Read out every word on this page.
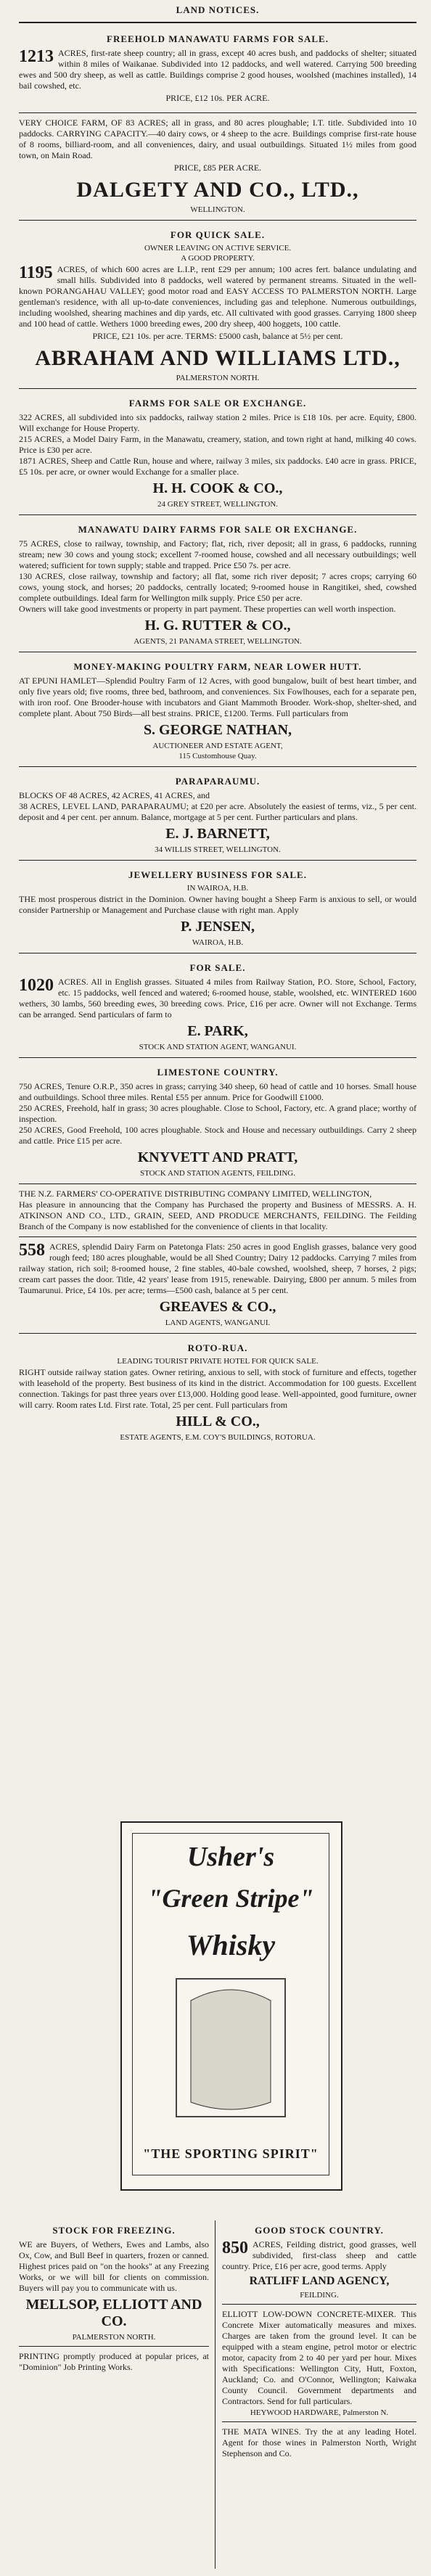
LAND NOTICES.
FREEHOLD MANAWATU FARMS FOR SALE.
1213 ACRES, first-rate sheep country; all in grass, except 40 acres bush, and paddocks of shelter; situated within 8 miles of Waikanae. Subdivided into 12 paddocks, and well watered. Carrying 500 breeding ewes and 500 dry sheep, as well as cattle. Buildings comprise 2 good houses, woolshed (machines installed), 14 bail cowshed, etc.
PRICE, £12 10s. PER ACRE.
VERY CHOICE FARM, OF 83 ACRES; all in grass, and 80 acres ploughable; I.T. title. Subdivided into 10 paddocks. CARRYING CAPACITY.—40 dairy cows, or 4 sheep to the acre. Buildings comprise first-rate house of 8 rooms, billiard-room, and all conveniences, dairy, and usual outbuildings. Situated 1½ miles from good town, on Main Road.
PRICE, £85 PER ACRE.
DALGETY AND CO., LTD.,
WELLINGTON.
FOR QUICK SALE.
OWNER LEAVING ON ACTIVE SERVICE.
A GOOD PROPERTY.
1195 ACRES, of which 600 acres are L.I.P., rent £29 per annum; 100 acres fert. balance undulating and small hills. Subdivided into 8 paddocks, well watered by permanent streams. Situated in the well-known PORANGAHAU VALLEY; good motor road and EASY ACCESS TO PALMERSTON NORTH. Large gentleman's residence, with all up-to-date conveniences, including gas and telephone. Numerous outbuildings, including woolshed, shearing machines and dip yards, etc. All cultivated with good grasses. Carrying 1800 sheep and 100 head of cattle. Wethers 1000 breeding ewes, 200 dry sheep, 400 hoggets, 100 cattle.
PRICE, £21 10s. per acre. TERMS: £5000 cash, balance at 5½ per cent.
ABRAHAM AND WILLIAMS LTD.,
PALMERSTON NORTH.
FARMS FOR SALE OR EXCHANGE.
322 ACRES, all subdivided into six paddocks, railway station 2 miles. Price is £18 10s. per acre. Equity, £800. Will exchange for House Property.
215 ACRES, a Model Dairy Farm, in the Manawatu, creamery, station, and town right at hand, milking 40 cows. Price is £30 per acre.
1871 ACRES, Sheep and Cattle Run, house and where, railway 3 miles, six paddocks. £40 acre in grass. PRICE, £5 10s. per acre, or owner would Exchange for a smaller place.
H. H. COOK & CO.,
24 GREY STREET, WELLINGTON.
MANAWATU DAIRY FARMS FOR SALE OR EXCHANGE.
75 ACRES, close to railway, township, and Factory; flat, rich, river deposit; all in grass, 6 paddocks, running stream; new 30 cows and young stock; excellent 7-roomed house, cowshed and all necessary outbuildings; well watered; sufficient for town supply; stable and trapped. Price £50 7s. per acre.
130 ACRES, close railway, township and factory; all flat, some rich river deposit; 7 acres crops; carrying 60 cows, young stock, and horses; 20 paddocks, centrally located; 9-roomed house in Rangitikei, shed, cowshed complete outbuildings. Ideal farm for Wellington milk supply. Price £50 per acre.
Owners will take good investments or property in part payment. These properties can well worth inspection.
H. G. RUTTER & CO.,
AGENTS, 21 PANAMA STREET, WELLINGTON.
MONEY-MAKING POULTRY FARM, NEAR LOWER HUTT.
AT EPUNI HAMLET—Splendid Poultry Farm of 12 Acres, with good bungalow, built of best heart timber, and only five years old; five rooms, three bed, bathroom, and conveniences. Six Fowlhouses, each for a separate pen, with iron roof. One Brooder-house with incubators and Giant Mammoth Brooder. Work-shop, shelter-shed, and complete plant. About 750 Birds—all best strains. PRICE, £1200. Terms. Full particulars from
S. GEORGE NATHAN,
AUCTIONEER AND ESTATE AGENT,
115 Customhouse Quay.
PARAPARAUMU.
BLOCKS OF 48 ACRES, 42 ACRES, 41 ACRES, and
38 ACRES, LEVEL LAND, PARAPARAUMU; at £20 per acre. Absolutely the easiest of terms, viz., 5 per cent. deposit and 4 per cent. per annum. Balance, mortgage at 5 per cent. Further particulars and plans.
E. J. BARNETT,
34 WILLIS STREET, WELLINGTON.
JEWELLERY BUSINESS FOR SALE.
IN WAIROA, H.B.
THE most prosperous district in the Dominion. Owner having bought a Sheep Farm is anxious to sell, or would consider Partnership or Management and Purchase clause with right man. Apply
P. JENSEN,
WAIROA, H.B.
FOR SALE.
1020 ACRES. All in English grasses. Situated 4 miles from Railway Station, P.O. Store, School, Factory, etc. 15 paddocks, well fenced and watered; 6-roomed house, stable, woolshed, etc. WINTERED 1600 wethers, 30 lambs, 560 breeding ewes, 30 breeding cows. Price, £16 per acre. Owner will not Exchange. Terms can be arranged. Send particulars of farm to
E. PARK,
STOCK AND STATION AGENT, WANGANUI.
LIMESTONE COUNTRY.
750 ACRES, Tenure O.R.P., 350 acres in grass; carrying 340 sheep, 60 head of cattle and 10 horses. Small house and outbuildings. School three miles. Rental £55 per annum. Price for Goodwill £1000.
250 ACRES, Freehold, half in grass; 30 acres ploughable. Close to School, Factory, etc. A grand place; worthy of inspection.
250 ACRES, Good Freehold, 100 acres ploughable. Stock and House and necessary outbuildings. Carry 2 sheep and cattle. Price £15 per acre.
KNYVETT AND PRATT,
STOCK AND STATION AGENTS, FEILDING.
THE N.Z. FARMERS' CO-OPERATIVE DISTRIBUTING COMPANY LIMITED, WELLINGTON,
Has pleasure in announcing that the Company has Purchased the property and Business of MESSRS. A. H. ATKINSON AND CO., LTD., GRAIN, SEED, AND PRODUCE MERCHANTS, FEILDING. The Feilding Branch of the Company is now established for the convenience of clients in that locality.
558 ACRES, splendid Dairy Farm on Patetonga Flats: 250 acres in good English grasses, balance very good rough feed; 180 acres ploughable, would be all Shed Country; Dairy 12 paddocks. Carrying 7 miles from railway station, rich soil; 8-roomed house, 2 fine stables, 40-bale cowshed, woolshed, sheep, 7 horses, 2 pigs; cream cart passes the door. Title, 42 years' lease from 1915, renewable. Dairying, £800 per annum. 5 miles from Taumarunui. Price, £4 10s. per acre; terms—£500 cash, balance at 5 per cent.
GREAVES & CO.,
LAND AGENTS, WANGANUI.
ROTO-RUA.
LEADING TOURIST PRIVATE HOTEL FOR QUICK SALE.
RIGHT outside railway station gates. Owner retiring, anxious to sell, with stock of furniture and effects, together with leasehold of the property. Best business of its kind in the district. Accommodation for 100 guests. Excellent connection. Takings for past three years over £13,000. Holding good lease. Well-appointed, good furniture, owner will carry. Room rates Ltd. First rate. Total, 25 per cent. Full particulars from
HILL & CO.,
ESTATE AGENTS, E.M. COY'S BUILDINGS, ROTORUA.
Usher's
"Green Stripe"
Whisky
"THE SPORTING SPIRIT"
STOCK FOR FREEZING.
WE are Buyers, of Wethers, Ewes and Lambs, also Ox, Cow, and Bull Beef in quarters, frozen or canned. Highest prices paid on "on the hooks" at any Freezing Works, or we will bill for clients on commission. Buyers will pay you to communicate with us.
MELLSOP, ELLIOTT AND CO.
PALMERSTON NORTH.
PRINTING promptly produced at popular prices, at "Dominion" Job Printing Works.
GOOD STOCK COUNTRY.
850 ACRES, Feilding district, good grasses, well subdivided, first-class sheep and cattle country. Price, £16 per acre, good terms. Apply
RATLIFF LAND AGENCY,
FEILDING.
ELLIOTT LOW-DOWN CONCRETE-MIXER. This Concrete Mixer automatically measures and mixes. Charges are taken from the ground level. It can be equipped with a steam engine, petrol motor or electric motor, capacity from 2 to 40 per yard per hour. Mixes with Specifications: Wellington City, Hutt, Foxton, Auckland; Co. and O'Connor, Wellington; Kaiwaka County Council. Government departments and Contractors. Send for full particulars.
HEYWOOD HARDWARE, Palmerston N.
THE MATA WINES. Try the at any leading Hotel. Agent for those wines in Palmerston North, Wright Stephenson and Co.
